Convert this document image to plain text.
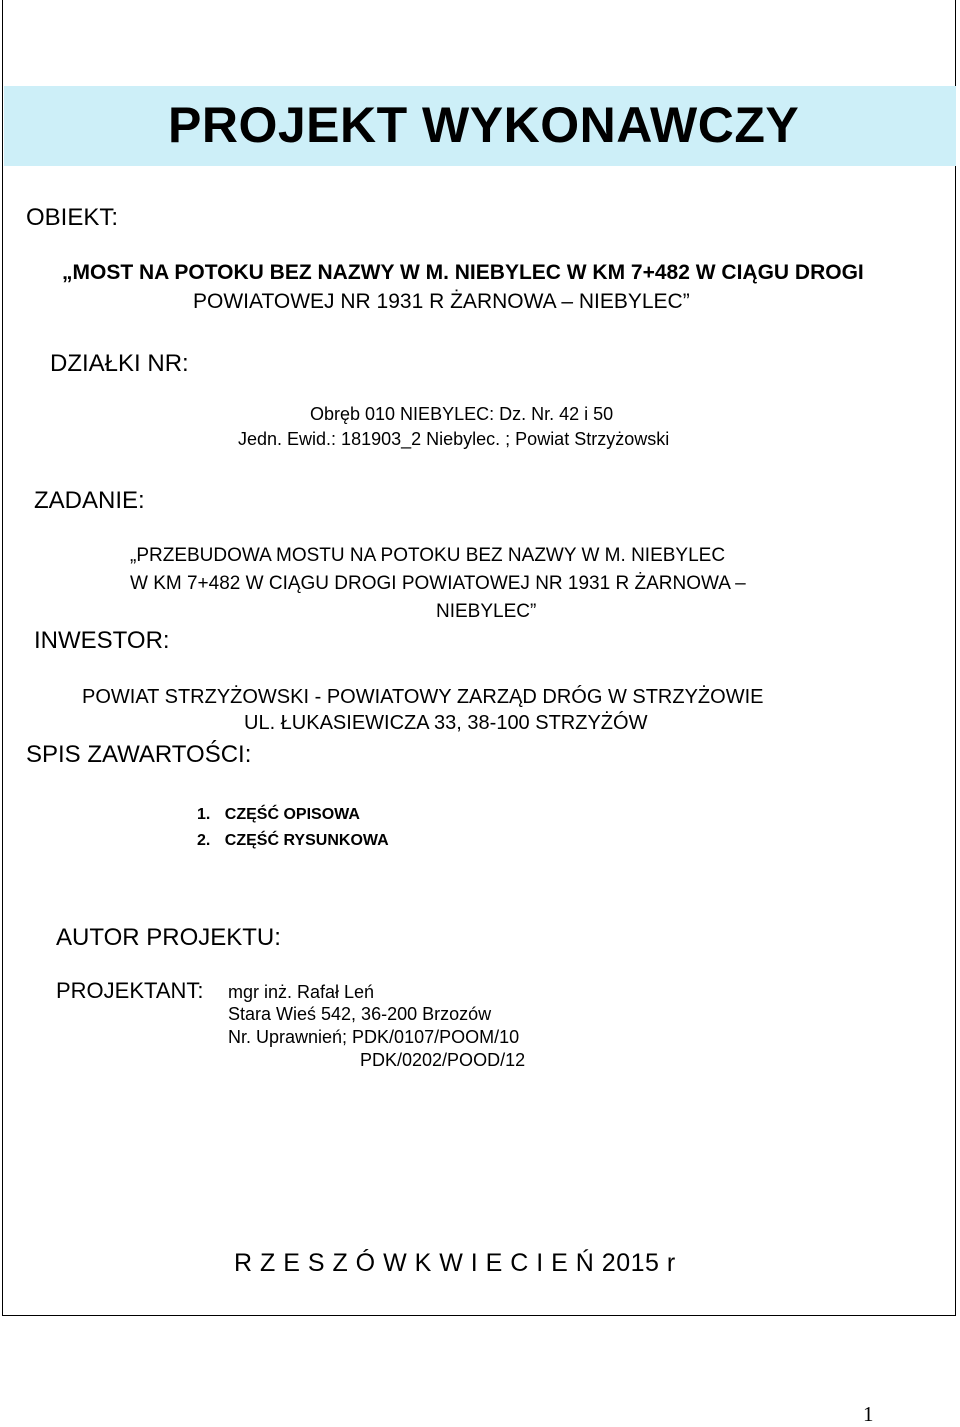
PROJEKT WYKONAWCZY
OBIEKT:
„MOST NA POTOKU BEZ NAZWY W M. NIEBYLEC W KM 7+482 W CIĄGU DROGI
POWIATOWEJ NR 1931 R ŻARNOWA – NIEBYLEC”
DZIAŁKI NR:
Obręb 010 NIEBYLEC: Dz. Nr. 42 i 50
Jedn. Ewid.: 181903_2 Niebylec. ; Powiat Strzyżowski
ZADANIE:
„PRZEBUDOWA MOSTU NA POTOKU BEZ NAZWY W M. NIEBYLEC
W KM 7+482 W CIĄGU DROGI POWIATOWEJ NR 1931 R ŻARNOWA –
NIEBYLEC”
INWESTOR:
POWIAT STRZYŻOWSKI - POWIATOWY ZARZĄD DRÓG W STRZYŻOWIE
UL. ŁUKASIEWICZA 33, 38-100 STRZYŻÓW
SPIS ZAWARTOŚCI:
1. CZĘŚĆ OPISOWA
2. CZĘŚĆ RYSUNKOWA
AUTOR PROJEKTU:
PROJEKTANT: mgr inż. Rafał Leń
Stara Wieś 542, 36-200 Brzozów
Nr. Uprawnień; PDK/0107/POOM/10
PDK/0202/POOD/12
R Z E S Z Ó W K W I E C I E Ń 2015 r
1
